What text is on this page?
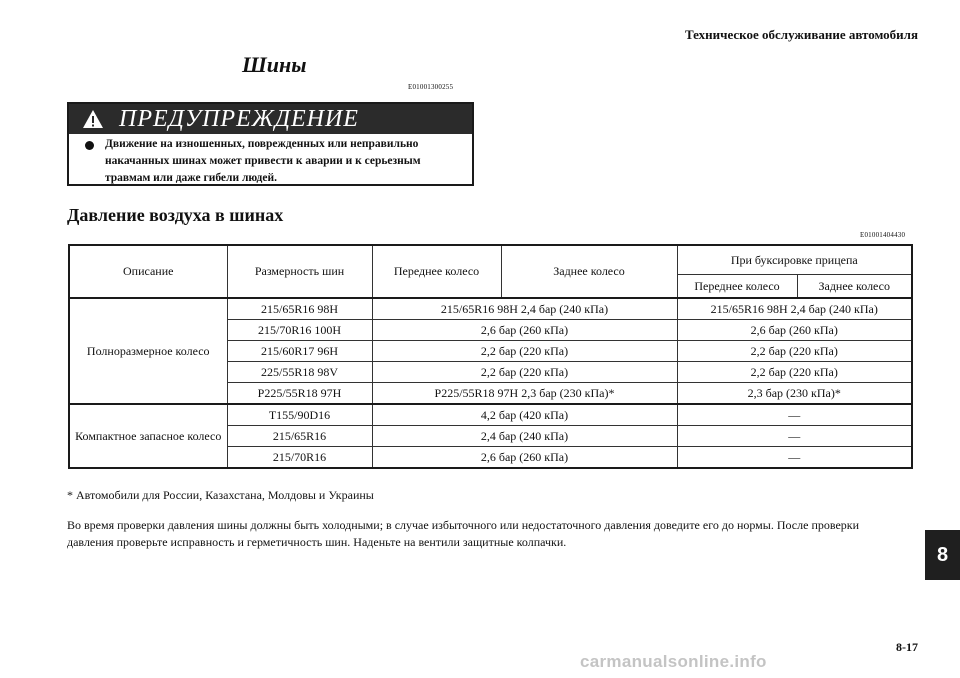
Техническое обслуживание автомобиля
Шины
E01001300255
ПРЕДУПРЕЖДЕНИЕ
Движение на изношенных, поврежденных или неправильно накачанных шинах может привести к аварии и к серьезным травмам или даже гибели людей.
Давление воздуха в шинах
E01001404430
Описание	Размерность шин	Переднее колесо	Заднее колесо	При буксировке прицепа	
				Переднее колесо	Заднее колесо
Полноразмерное колесо	215/65R16 98H	215/65R16 98H 2,4 бар (240 кПа)		215/65R16 98H 2,4 бар (240 кПа)	
	215/70R16 100H	2,6 бар (260 кПа)		2,6 бар (260 кПа)	
	215/60R17 96H	2,2 бар (220 кПа)		2,2 бар (220 кПа)	
	225/55R18 98V	2,2 бар (220 кПа)		2,2 бар (220 кПа)	
	P225/55R18 97H	P225/55R18 97H 2,3 бар (230 кПа)*		2,3 бар (230 кПа)*	
Компактное запасное колесо	T155/90D16	4,2 бар (420 кПа)		—	
	215/65R16	2,4 бар (240 кПа)		—	
	215/70R16	2,6 бар (260 кПа)		—	
* Автомобили для России, Казахстана, Молдовы и Украины
Во время проверки давления шины должны быть холодными; в случае избыточного или недостаточного давления доведите его до нормы. После проверки давления проверьте исправность и герметичность шин. Наденьте на вентили защитные колпачки.
8
8-17
carmanualsonline.info
